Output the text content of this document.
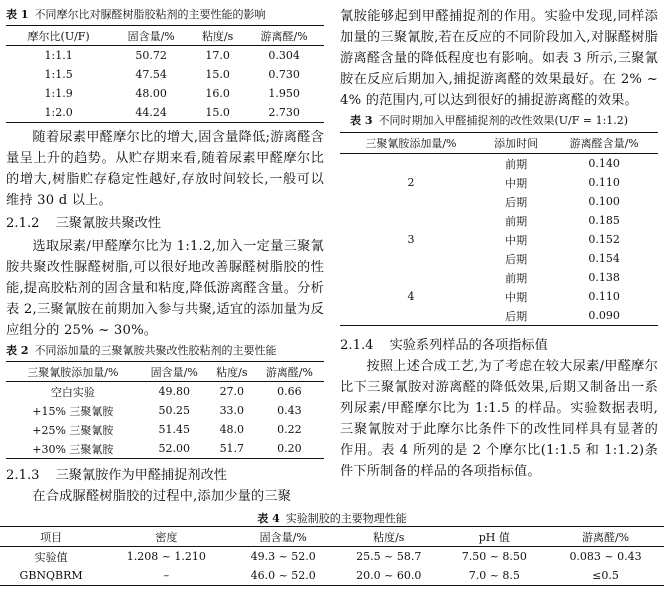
表 1 不同摩尔比对脲醛树脂胶粘剂的主要性能的影响
摩尔比(U/F)	固含量/%	粘度/s	游离醛/%
1:1.1	50.72	17.0	0.304
1:1.5	47.54	15.0	0.730
1:1.9	48.00	16.0	1.950
1:2.0	44.24	15.0	2.730
随着尿素甲醛摩尔比的增大,固含量降低;游离醛含量呈上升的趋势。从贮存期来看,随着尿素甲醛摩尔比的增大,树脂贮存稳定性越好,存放时间较长,一般可以维持 30 d 以上。
2.1.2 三聚氰胺共聚改性
选取尿素/甲醛摩尔比为 1:1.2,加入一定量三聚氰胺共聚改性脲醛树脂,可以很好地改善脲醛树脂胶的性能,提高胶粘剂的固含量和粘度,降低游离醛含量。分析表 2,三聚氰胺在前期加入参与共聚,适宜的添加量为反应组分的 25% ~ 30%。
表 2 不同添加量的三聚氰胺共聚改性胶粘剂的主要性能
三聚氰胺添加量/%	固含量/%	粘度/s	游离醛/%
空白实验	49.80	27.0	0.66
+15% 三聚氰胺	50.25	33.0	0.43
+25% 三聚氰胺	51.45	48.0	0.22
+30% 三聚氰胺	52.00	51.7	0.20
2.1.3 三聚氰胺作为甲醛捕捉剂改性
在合成脲醛树脂胶的过程中,添加少量的三聚
氰胺能够起到甲醛捕捉剂的作用。实验中发现,同样添加量的三聚氰胺,若在反应的不同阶段加入,对脲醛树脂游离醛含量的降低程度也有影响。如表 3 所示,三聚氰胺在反应后期加入,捕捉游离醛的效果最好。在 2% ~ 4% 的范围内,可以达到很好的捕捉游离醛的效果。
表 3 不同时期加入甲醛捕捉剂的改性效果(U/F = 1:1.2)
三聚氰胺添加量/%	添加时间	游离醛含量/%
2	前期	0.140
	中期	0.110
	后期	0.100
3	前期	0.185
	中期	0.152
	后期	0.154
4	前期	0.138
	中期	0.110
	后期	0.090
2.1.4 实验系列样品的各项指标值
按照上述合成工艺,为了考虑在较大尿素/甲醛摩尔比下三聚氰胺对游离醛的降低效果,后期又制备出一系列尿素/甲醛摩尔比为 1:1.5 的样品。实验数据表明,三聚氰胺对于此摩尔比条件下的改性同样具有显著的作用。表 4 所列的是 2 个摩尔比(1:1.5 和 1:1.2)条件下所制备的样品的各项指标值。
表 4 实验制胶的主要物理性能
项目	密度	固含量/%	粘度/s	pH 值	游离醛/%
实验值	1.208 ~ 1.210	49.3 ~ 52.0	25.5 ~ 58.7	7.50 ~ 8.50	0.083 ~ 0.43
GBNQBRM	–	46.0 ~ 52.0	20.0 ~ 60.0	7.0 ~ 8.5	≤0.5
